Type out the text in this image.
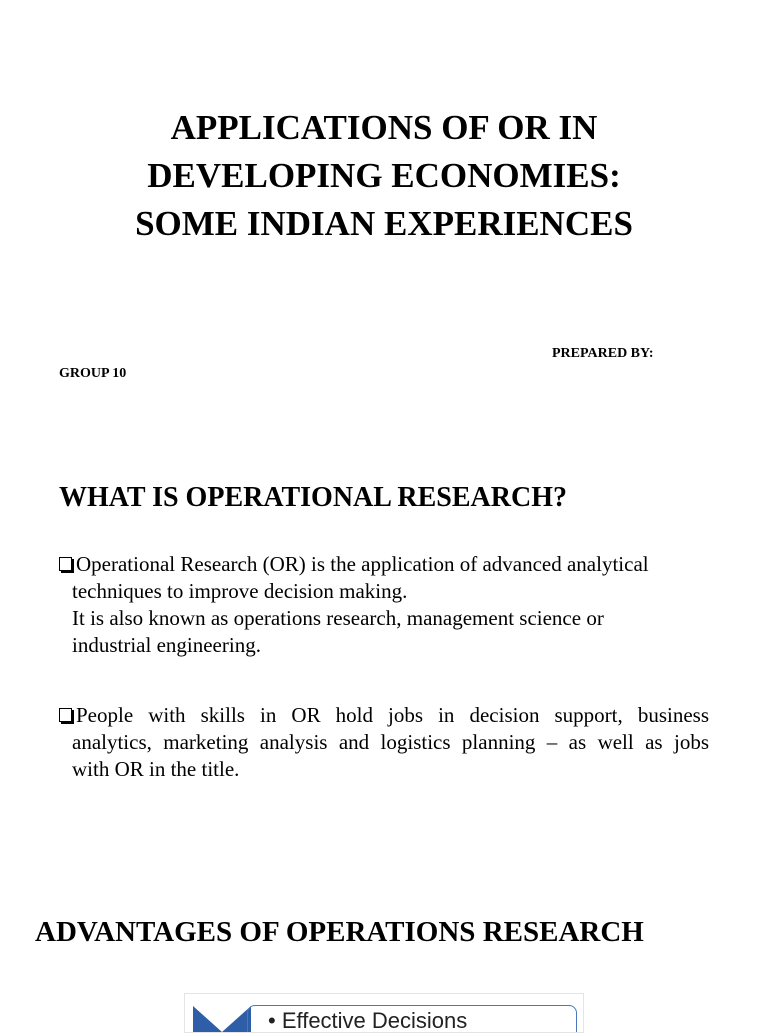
APPLICATIONS OF OR IN
DEVELOPING ECONOMIES:
SOME INDIAN EXPERIENCES

PREPARED BY:

GROUP 10

WHAT IS OPERATIONAL RESEARCH?
Operational Research (OR) is the application of advanced analytical
techniques to improve decision making.
It is also known as operations research, management science or
industrial engineering.
People with skills in OR hold jobs in decision support, business
analytics, marketing analysis and logistics planning – as well as jobs
with OR in the title.
ADVANTAGES OF OPERATIONS RESEARCH
• Effective Decisions
